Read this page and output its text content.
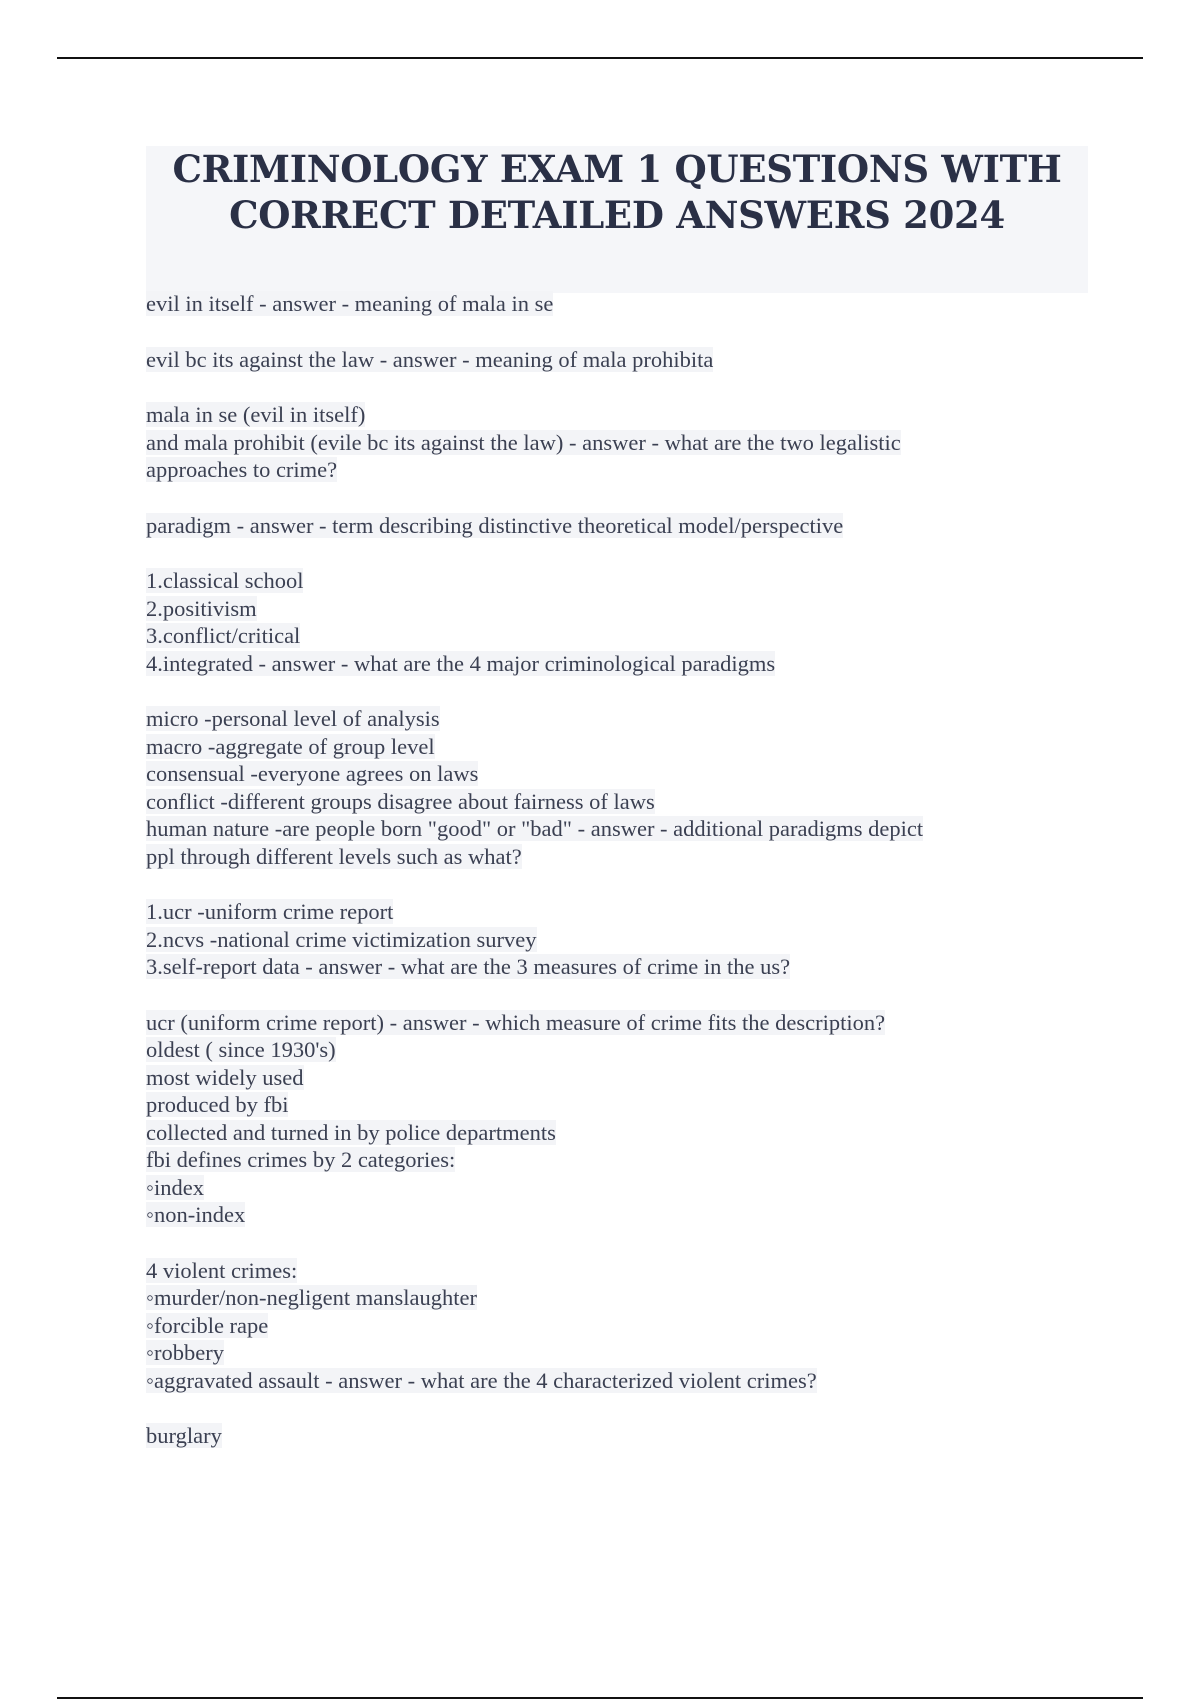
CRIMINOLOGY EXAM 1 QUESTIONS WITH
CORRECT DETAILED ANSWERS 2024
evil in itself - answer - meaning of mala in se
evil bc its against the law - answer - meaning of mala prohibita
mala in se (evil in itself)
and mala prohibit (evile bc its against the law) - answer - what are the two legalistic
approaches to crime?
paradigm - answer - term describing distinctive theoretical model/perspective
1.classical school
2.positivism
3.conflict/critical
4.integrated - answer - what are the 4 major criminological paradigms
micro -personal level of analysis
macro -aggregate of group level
consensual -everyone agrees on laws
conflict -different groups disagree about fairness of laws
human nature -are people born "good" or "bad" - answer - additional paradigms depict
ppl through different levels such as what?
1.ucr -uniform crime report
2.ncvs -national crime victimization survey
3.self-report data - answer - what are the 3 measures of crime in the us?
ucr (uniform crime report) - answer - which measure of crime fits the description?
oldest ( since 1930's)
most widely used
produced by fbi
collected and turned in by police departments
fbi defines crimes by 2 categories:
◦index
◦non-index
4 violent crimes:
◦murder/non-negligent manslaughter
◦forcible rape
◦robbery
◦aggravated assault - answer - what are the 4 characterized violent crimes?
burglary
